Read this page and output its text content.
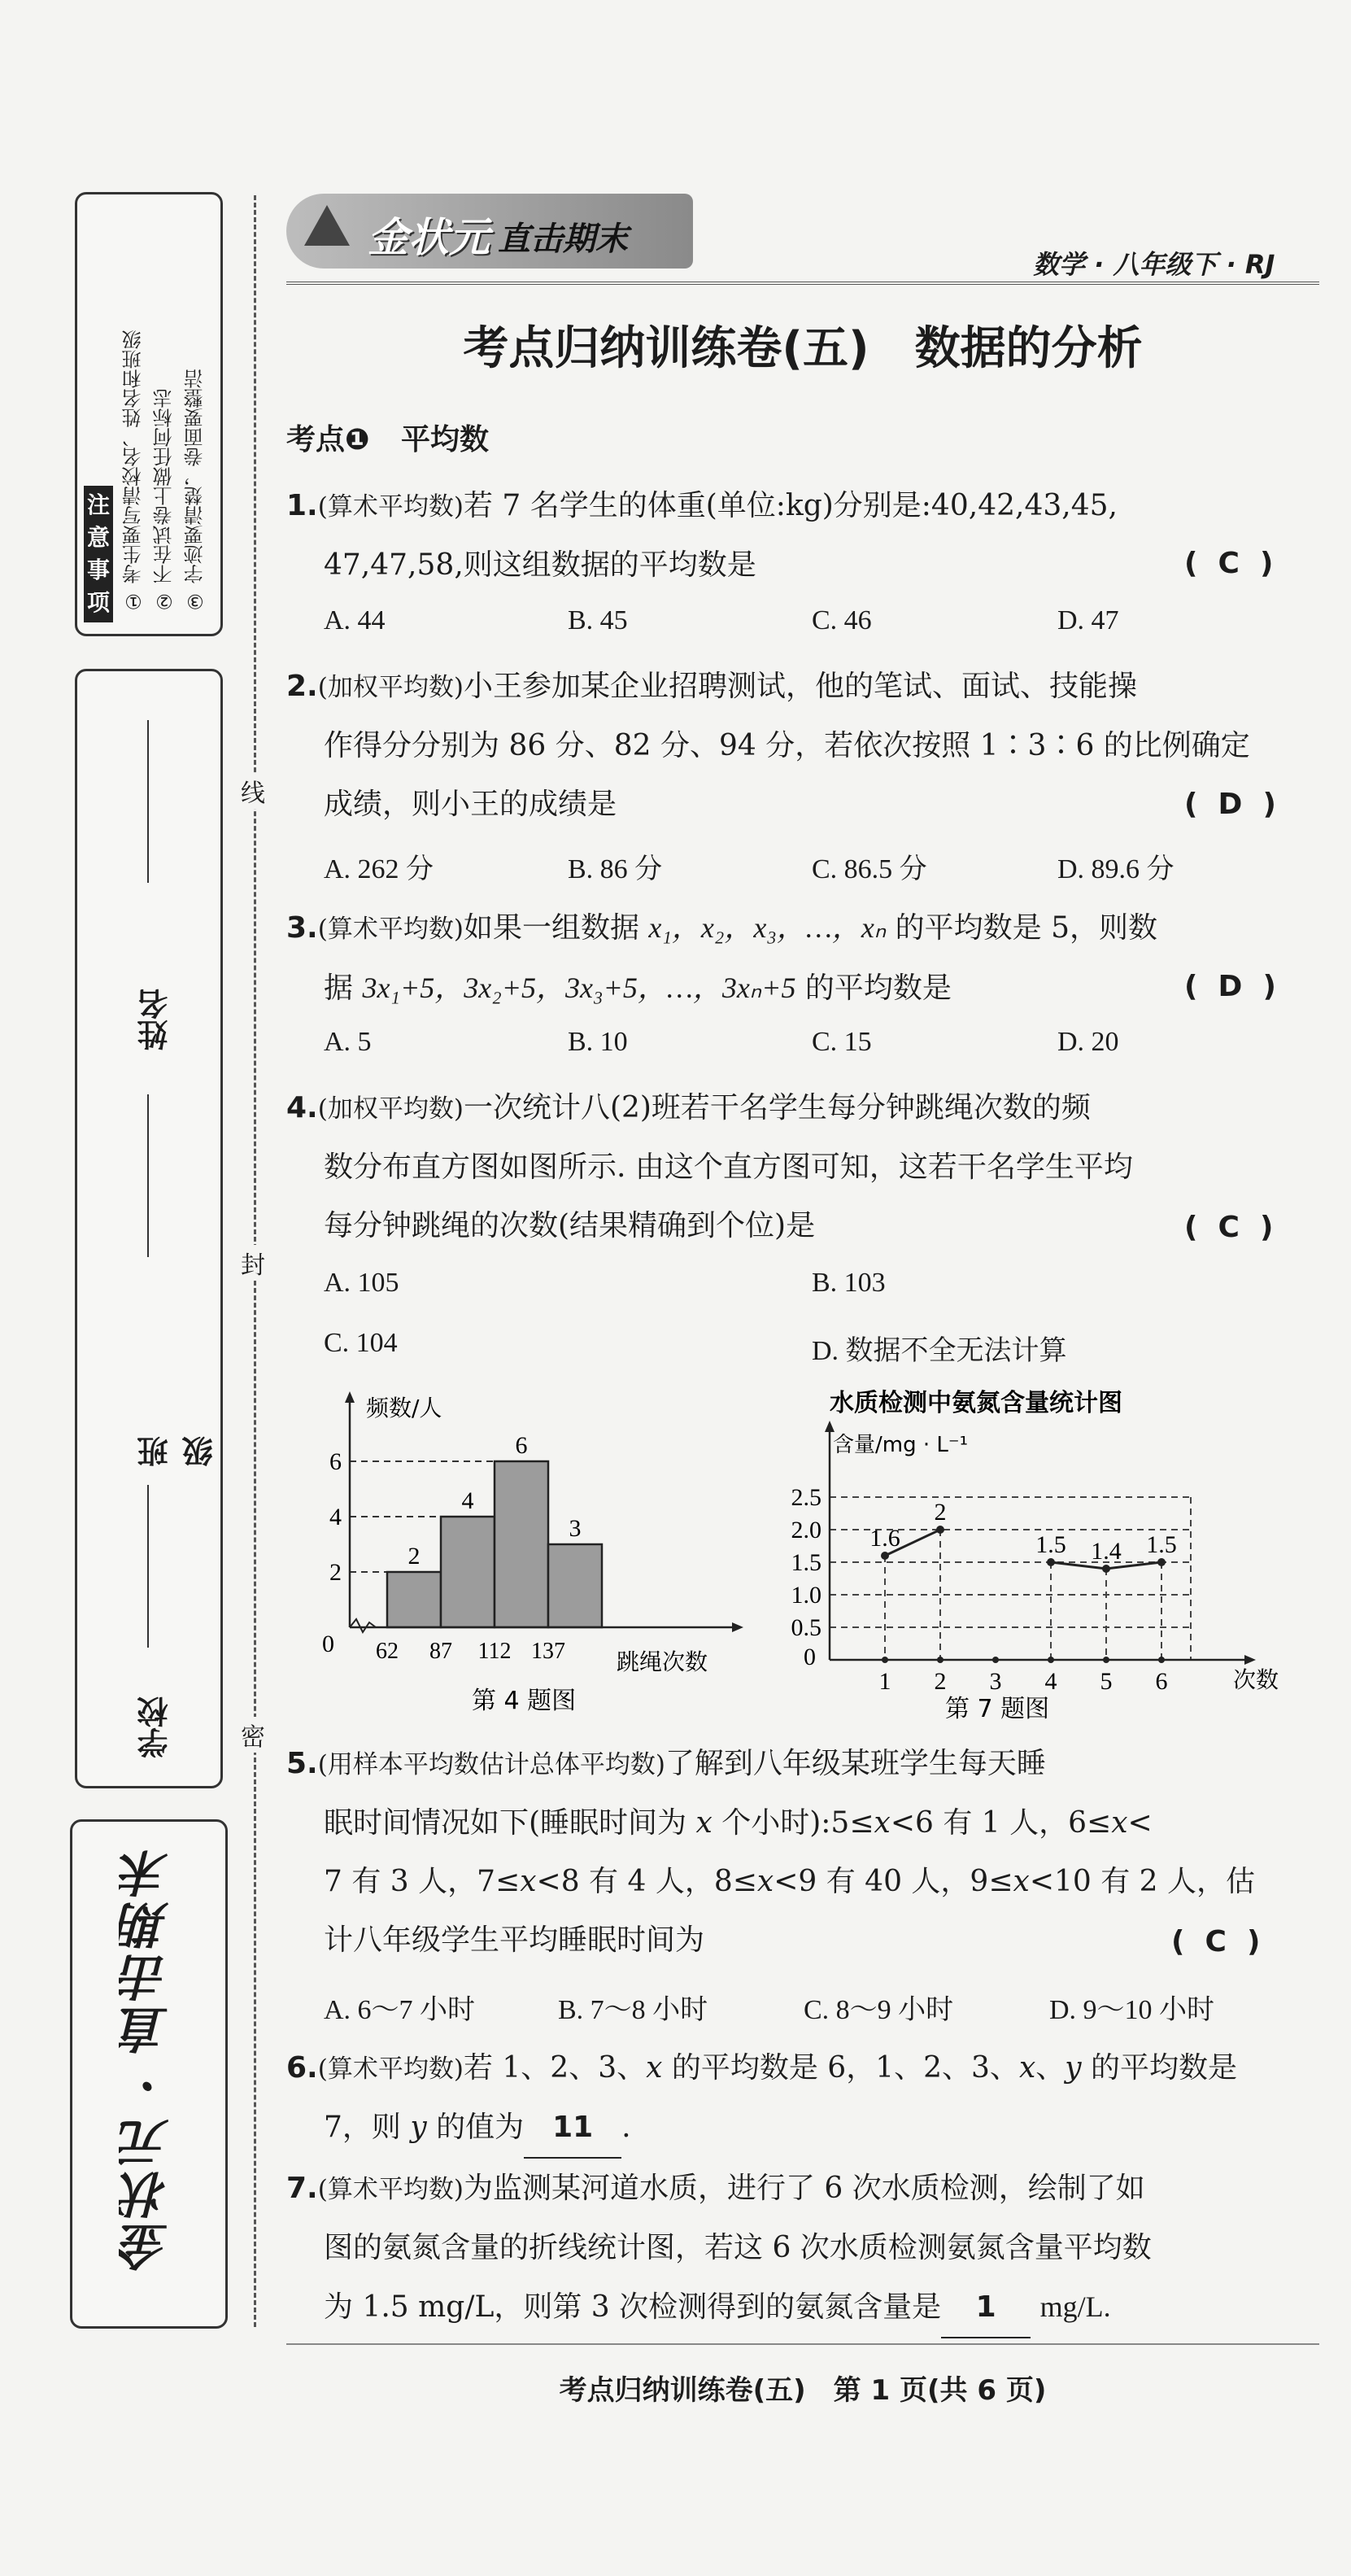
注
意
事
项 ① 考生要写清校名、姓名和班级 ② 不在试卷上做任何标志 ③ 字迹要清楚，卷面要整洁
姓名
班级
学校
金状元 · 直击期末
线
封
密
金状元 直击期末
数学 · 八年级下 · RJ
考点归纳训练卷(五)　数据的分析
考点❶ 平均数
1.(算术平均数)若 7 名学生的体重(单位:kg)分别是:40,42,43,45,
47,47,58,则这组数据的平均数是	(  C  )
A. 44	B. 45	C. 46	D. 47
2.(加权平均数)小王参加某企业招聘测试，他的笔试、面试、技能操
作得分分别为 86 分、82 分、94 分，若依次按照 1∶3∶6 的比例确定
成绩，则小王的成绩是	(  D  )
A. 262 分	B. 86 分	C. 86.5 分	D. 89.6 分
3.(算术平均数)如果一组数据 x₁，x₂，x₃，…，xₙ 的平均数是 5，则数
据 3x₁+5，3x₂+5，3x₃+5，…，3xₙ+5 的平均数是	(  D  )
A. 5	B. 10	C. 15	D. 20
4.(加权平均数)一次统计八(2)班若干名学生每分钟跳绳次数的频
数分布直方图如图所示. 由这个直方图可知，这若干名学生平均
每分钟跳绳的次数(结果精确到个位)是	(  C  )
A. 105	B. 103
C. 104	D. 数据不全无法计算
2
62
4
87
6
112
3
137
2
4
6
频数/人
跳绳次数
0
第 4 题图
水质检测中氨氮含量统计图
含量/mg · L⁻¹
0.5
1.0
1.5
2.0
2.5
1 2 3 4 5 6
1.6
2
1.5 1.4 1.5
次数
0
第 7 题图
5.(用样本平均数估计总体平均数)了解到八年级某班学生每天睡
眠时间情况如下(睡眠时间为 x 个小时):5≤x<6 有 1 人，6≤x<
7 有 3 人，7≤x<8 有 4 人，8≤x<9 有 40 人，9≤x<10 有 2 人，估
计八年级学生平均睡眠时间为	(  C  )
A. 6～7 小时	B. 7～8 小时	C. 8～9 小时	D. 9～10 小时
6.(算术平均数)若 1、2、3、x 的平均数是 6，1、2、3、x、y 的平均数是
7，则 y 的值为 11 .
7.(算术平均数)为监测某河道水质，进行了 6 次水质检测，绘制了如
图的氨氮含量的折线统计图，若这 6 次水质检测氨氮含量平均数
为 1.5 mg/L，则第 3 次检测得到的氨氮含量是 1 mg/L.
考点归纳训练卷(五)　第 1 页(共 6 页)
